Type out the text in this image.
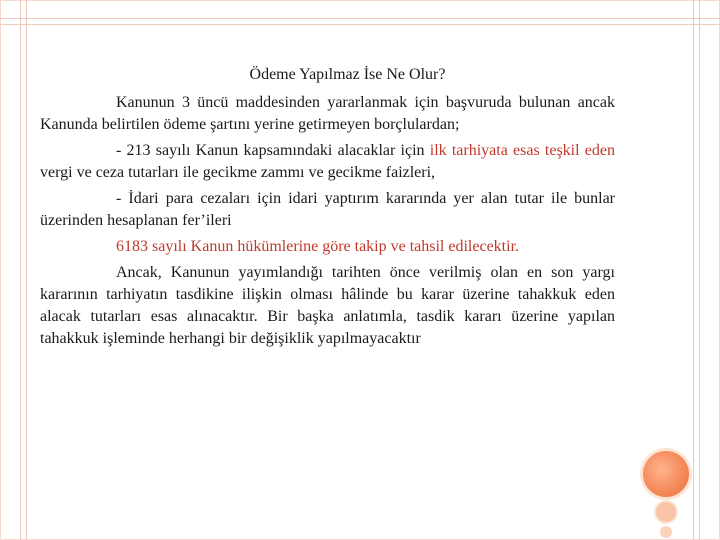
Ödeme Yapılmaz İse Ne Olur?

Kanunun 3 üncü maddesinden yararlanmak için başvuruda bulunan ancak Kanunda belirtilen ödeme şartını yerine getirmeyen borçlulardan;

- 213 sayılı Kanun kapsamındaki alacaklar için ilk tarhiyata esas teşkil eden vergi ve ceza tutarları ile gecikme zammı ve gecikme faizleri,

- İdari para cezaları için idari yaptırım kararında yer alan tutar ile bunlar üzerinden hesaplanan fer’ileri

6183 sayılı Kanun hükümlerine göre takip ve tahsil edilecektir.

Ancak, Kanunun yayımlandığı tarihten önce verilmiş olan en son yargı kararının tarhiyatın tasdikine ilişkin olması hâlinde bu karar üzerine tahakkuk eden alacak tutarları esas alınacaktır. Bir başka anlatımla, tasdik kararı üzerine yapılan tahakkuk işleminde herhangi bir değişiklik yapılmayacaktır
